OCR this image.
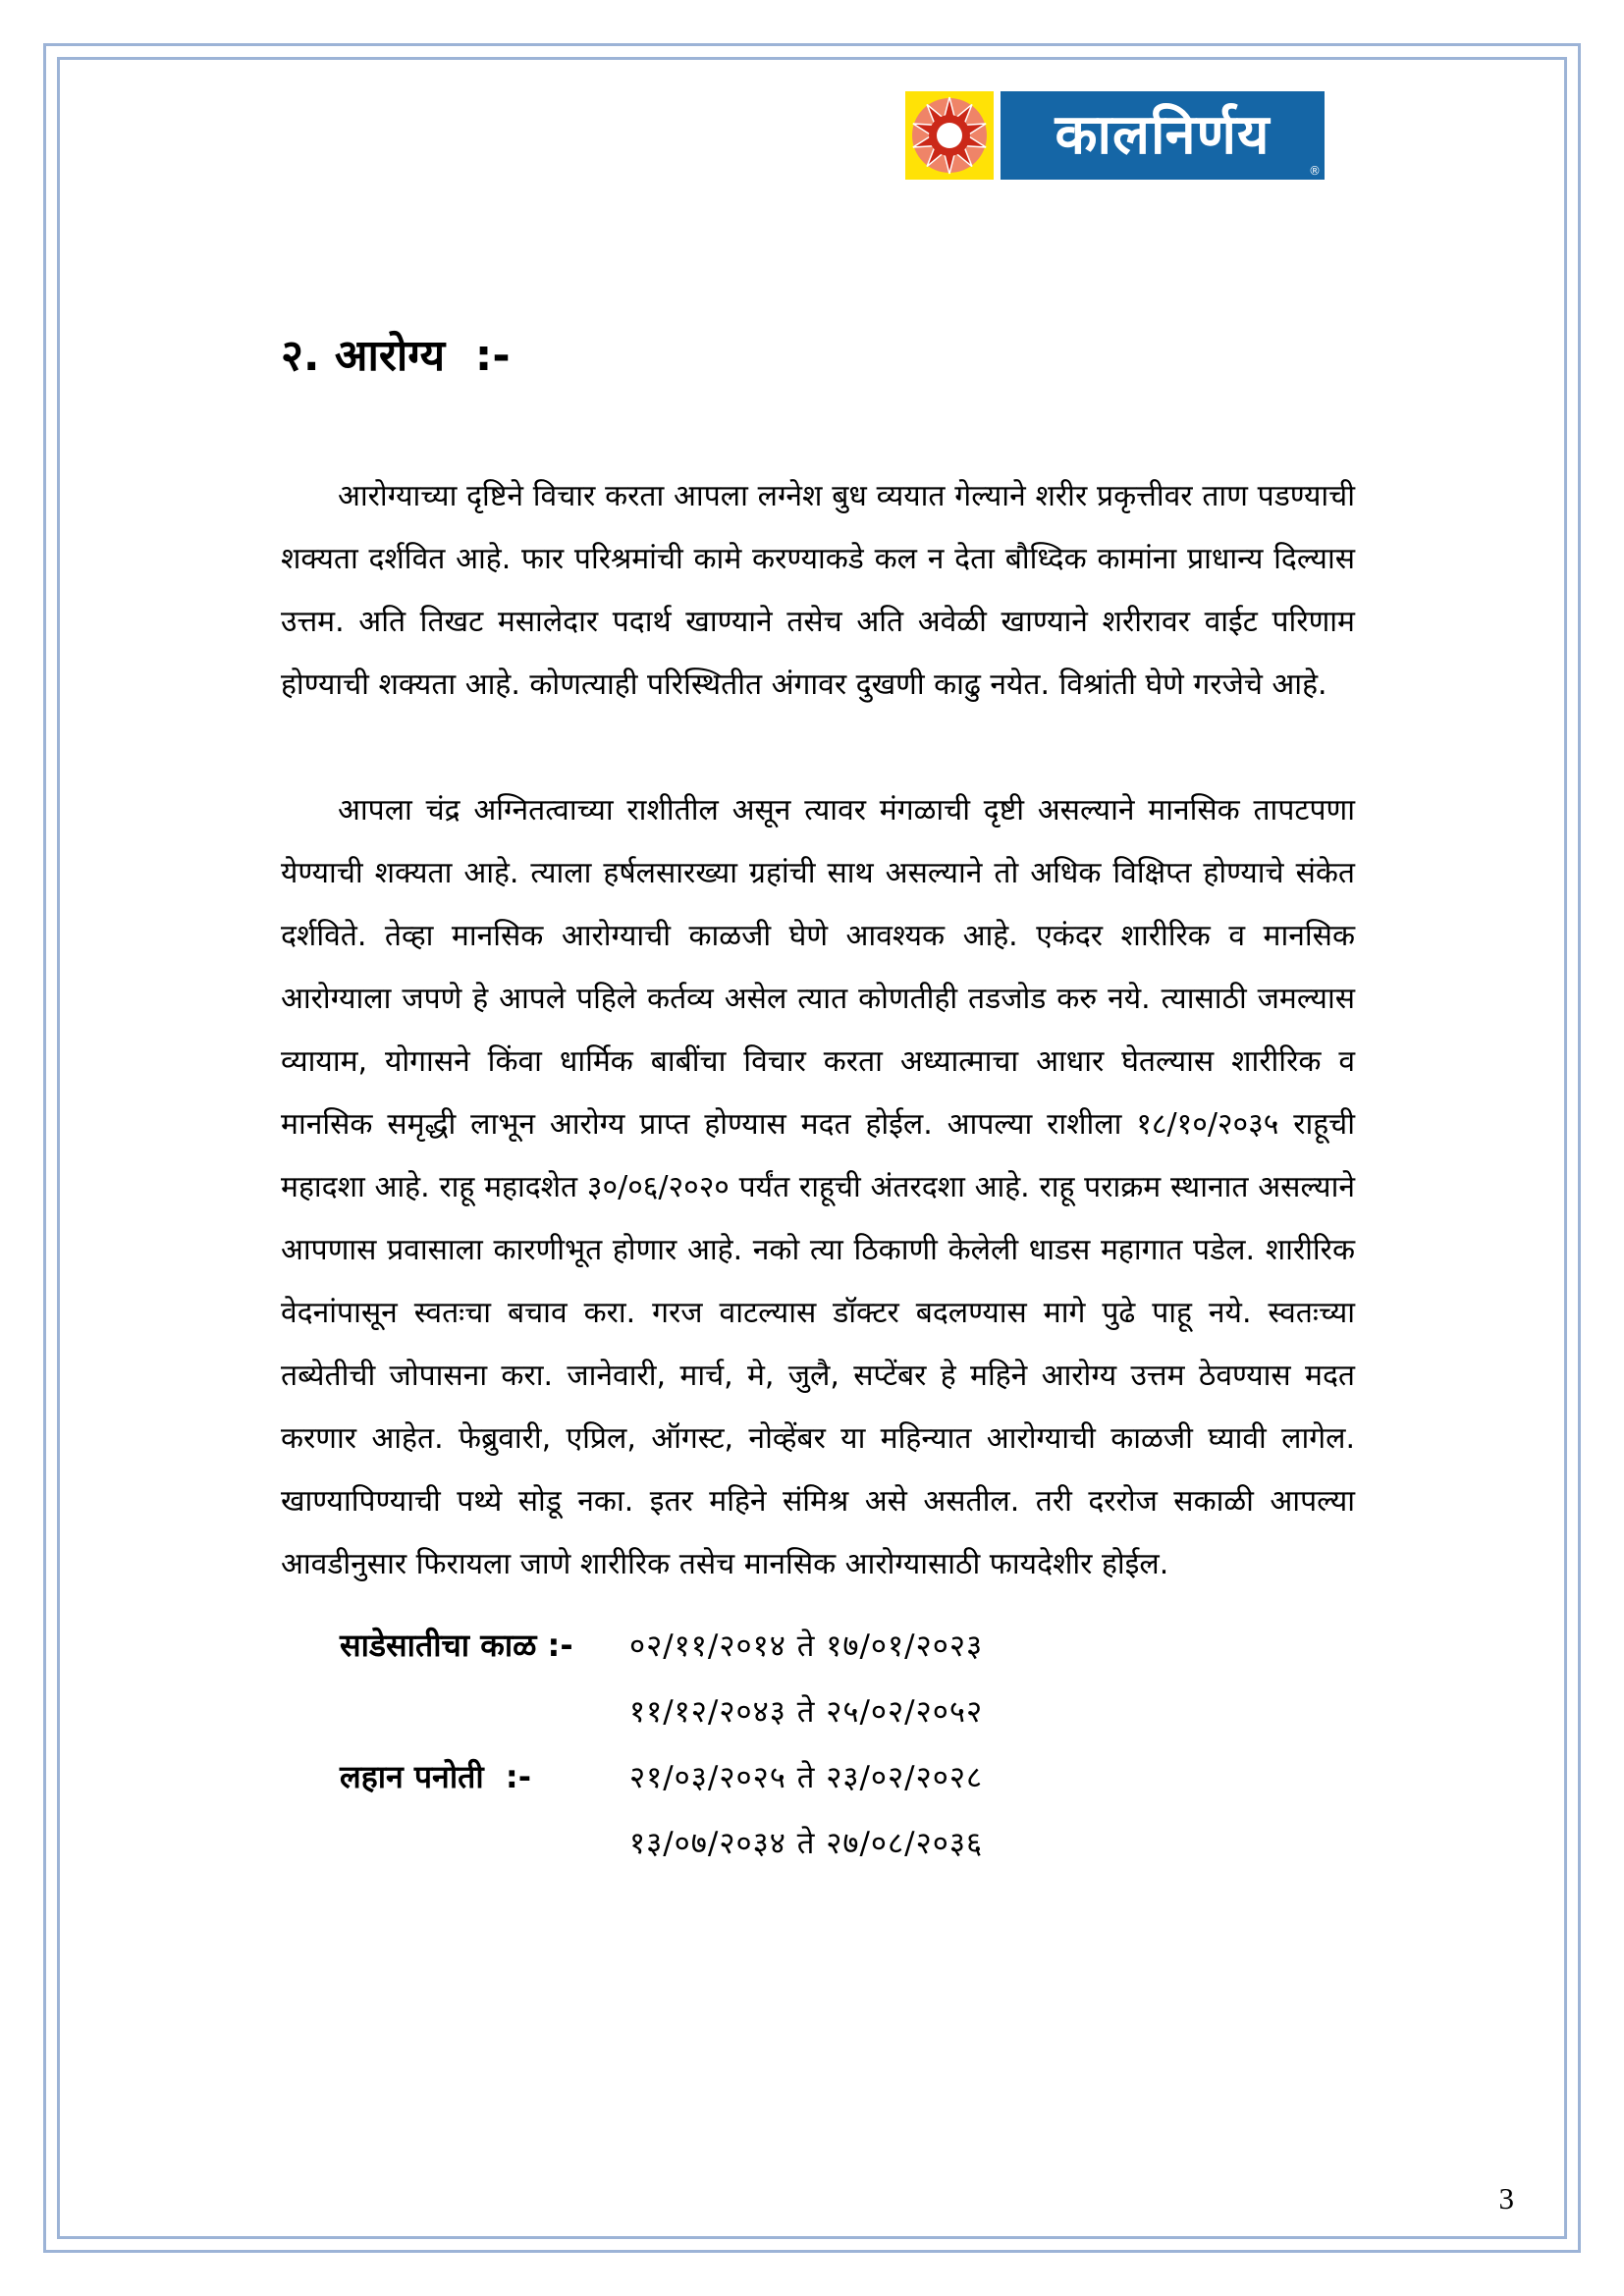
कालनिर्णय
®
२. आरोग्य  :-

आरोग्याच्या दृष्टिने विचार करता आपला लग्नेश बुध व्ययात गेल्याने शरीर प्रकृत्तीवर ताण पडण्याची शक्यता दर्शवित आहे. फार परिश्रमांची कामे करण्याकडे कल न देता बौध्दिक कामांना प्राधान्य दिल्यास उत्तम. अति तिखट मसालेदार पदार्थ खाण्याने तसेच अति अवेळी खाण्याने शरीरावर वाईट परिणाम होण्याची शक्यता आहे. कोणत्याही परिस्थितीत अंगावर दुखणी काढु नयेत. विश्रांती घेणे गरजेचे आहे.

आपला चंद्र अग्नितत्वाच्या राशीतील असून त्यावर मंगळाची दृष्टी असल्याने मानसिक तापटपणा येण्याची शक्यता आहे. त्याला हर्षलसारख्या ग्रहांची साथ असल्याने तो अधिक विक्षिप्त होण्याचे संकेत दर्शविते. तेव्हा मानसिक आरोग्याची काळजी घेणे आवश्यक आहे. एकंदर शारीरिक व मानसिक आरोग्याला जपणे हे आपले पहिले कर्तव्य असेल त्यात कोणतीही तडजोड करु नये. त्यासाठी जमल्यास व्यायाम, योगासने किंवा धार्मिक बाबींचा विचार करता अध्यात्माचा आधार घेतल्यास शारीरिक व मानसिक समृद्धी लाभून आरोग्य प्राप्त होण्यास मदत होईल. आपल्या राशीला १८/१०/२०३५ राहूची महादशा आहे. राहू महादशेत ३०/०६/२०२० पर्यंत राहूची अंतरदशा आहे. राहू पराक्रम स्थानात असल्याने आपणास प्रवासाला कारणीभूत होणार आहे. नको त्या ठिकाणी केलेली धाडस महागात पडेल. शारीरिक वेदनांपासून स्वतःचा बचाव करा. गरज वाटल्यास डॉक्टर बदलण्यास मागे पुढे पाहू नये. स्वतःच्या तब्येतीची जोपासना करा. जानेवारी, मार्च, मे, जुलै, सप्टेंबर हे महिने आरोग्य उत्तम ठेवण्यास मदत करणार आहेत. फेब्रुवारी, एप्रिल, ऑगस्ट, नोव्हेंबर या महिन्यात आरोग्याची काळजी घ्यावी लागेल. खाण्यापिण्याची पथ्ये सोडू नका. इतर महिने संमिश्र असे असतील. तरी दररोज सकाळी आपल्या आवडीनुसार फिरायला जाणे शारीरिक तसेच मानसिक आरोग्यासाठी फायदेशीर होईल.

साडेसातीचा काळ :-	०२/११/२०१४ ते १७/०१/२०२३
११/१२/२०४३ ते २५/०२/२०५२
लहान पनोती  :-	२१/०३/२०२५ ते २३/०२/२०२८
१३/०७/२०३४ ते २७/०८/२०३६
3
